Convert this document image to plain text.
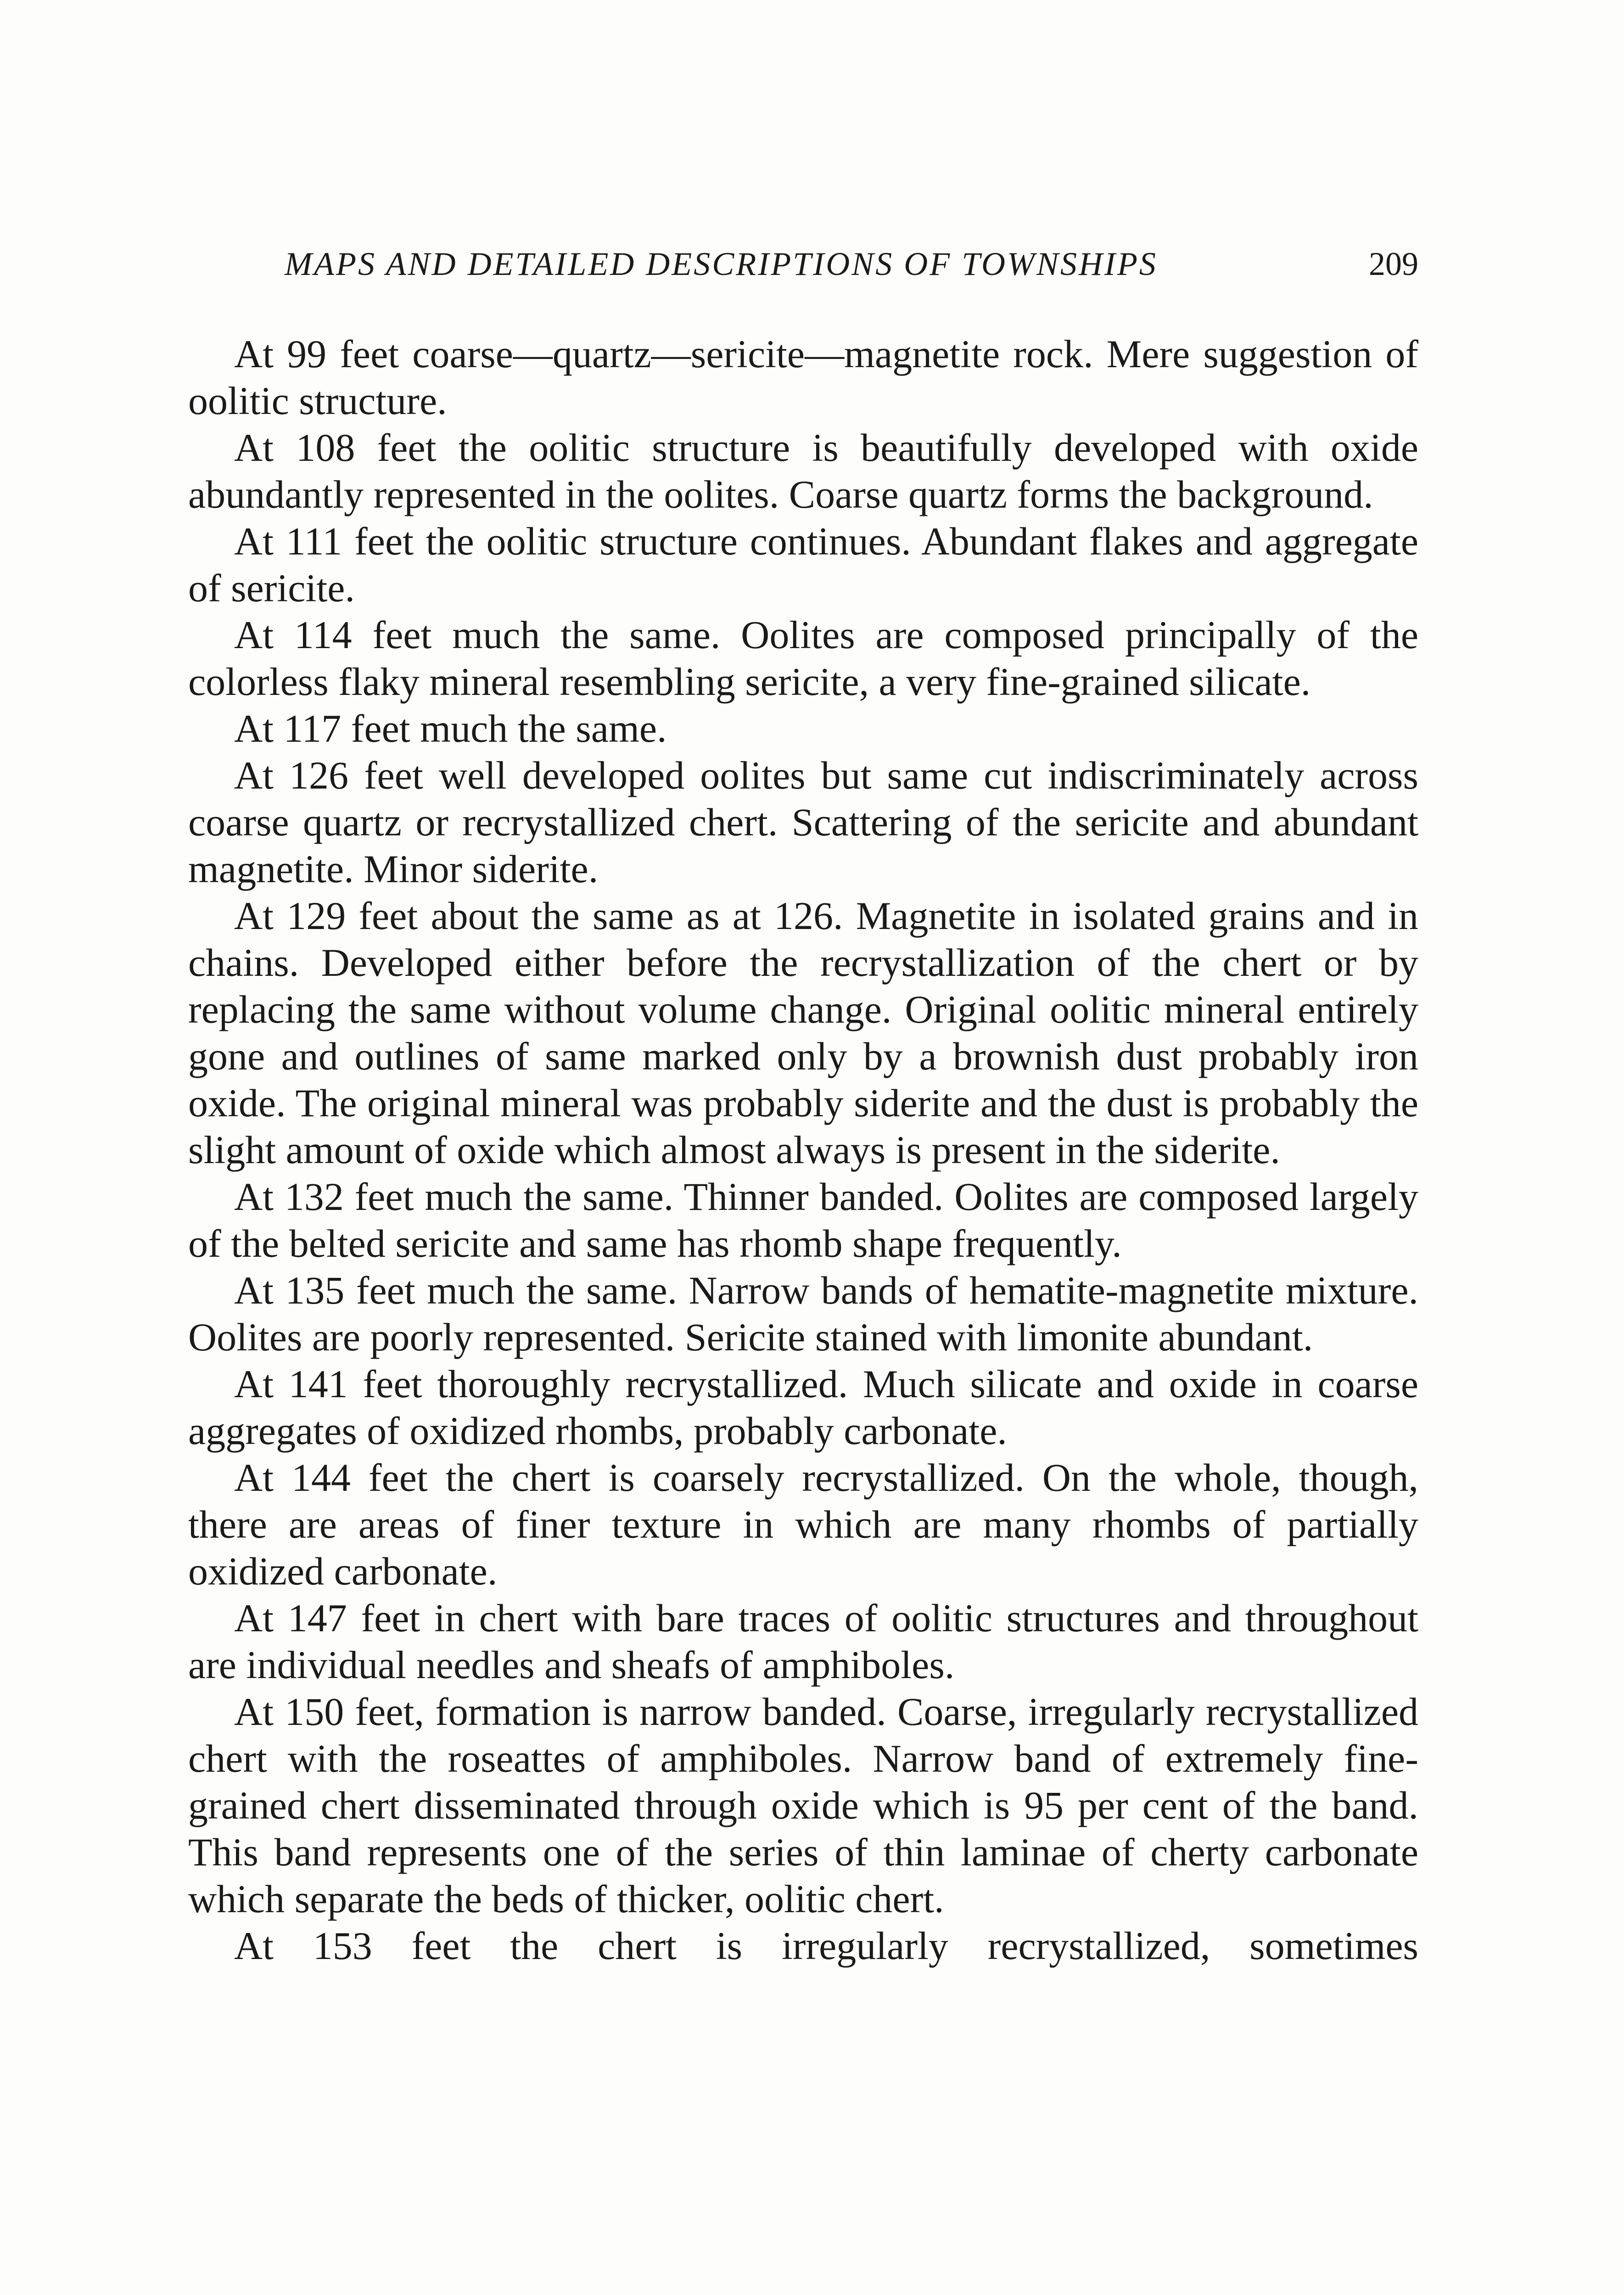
MAPS AND DETAILED DESCRIPTIONS OF TOWNSHIPS	209

At 99 feet coarse—quartz—sericite—magnetite rock. Mere suggestion of oolitic structure.

At 108 feet the oolitic structure is beautifully developed with oxide abundantly represented in the oolites. Coarse quartz forms the background.

At 111 feet the oolitic structure continues. Abundant flakes and aggregate of sericite.

At 114 feet much the same. Oolites are composed principally of the colorless flaky mineral resembling sericite, a very fine-grained silicate.

At 117 feet much the same.

At 126 feet well developed oolites but same cut indiscriminately across coarse quartz or recrystallized chert. Scattering of the sericite and abundant magnetite. Minor siderite.

At 129 feet about the same as at 126. Magnetite in isolated grains and in chains. Developed either before the recrystallization of the chert or by replacing the same without volume change. Original oolitic mineral entirely gone and outlines of same marked only by a brownish dust probably iron oxide. The original mineral was probably siderite and the dust is probably the slight amount of oxide which almost always is present in the siderite.

At 132 feet much the same. Thinner banded. Oolites are composed largely of the belted sericite and same has rhomb shape frequently.

At 135 feet much the same. Narrow bands of hematite-magnetite mixture. Oolites are poorly represented. Sericite stained with limonite abundant.

At 141 feet thoroughly recrystallized. Much silicate and oxide in coarse aggregates of oxidized rhombs, probably carbonate.

At 144 feet the chert is coarsely recrystallized. On the whole, though, there are areas of finer texture in which are many rhombs of partially oxidized carbonate.

At 147 feet in chert with bare traces of oolitic structures and throughout are individual needles and sheafs of amphiboles.

At 150 feet, formation is narrow banded. Coarse, irregularly recrystallized chert with the roseattes of amphiboles. Narrow band of extremely fine-grained chert disseminated through oxide which is 95 per cent of the band. This band represents one of the series of thin laminae of cherty carbonate which separate the beds of thicker, oolitic chert.

At 153 feet the chert is irregularly recrystallized, sometimes
